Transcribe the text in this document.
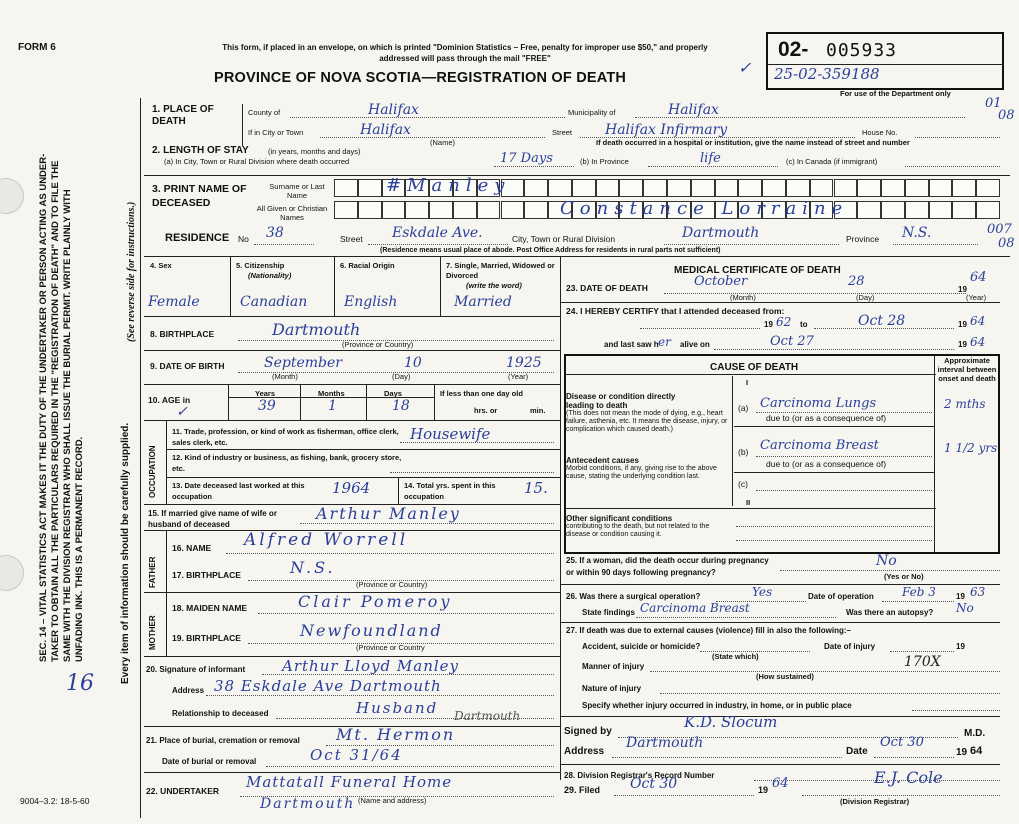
FORM 6	This form, if placed in an envelope, on which is printed "Dominion Statistics – Free, penalty for improper use $50," and properly addressed will pass through the mail "FREE"
PROVINCE OF NOVA SCOTIA—REGISTRATION OF DEATH
02- 005933
25-02-359188
For use of the Department only
01
08
007
08
✓
SEC. 14 – VITAL STATISTICS ACT MAKES IT THE DUTY OF THE UNDERTAKER OR PERSON ACTING AS UNDER-TAKER TO OBTAIN ALL THE PARTICULARS REQUIRED IN THE "REGISTRATION OF DEATH" AND TO FILE THE SAME WITH THE DIVISION REGISTRAR WHO SHALL ISSUE THE BURIAL PERMIT. WRITE PLAINLY WITH UNFADING INK. THIS IS A PERMANENT RECORD.	Every item of information should be carefully supplied.
(See reverse side for instructions.)
16
1. PLACE OF DEATH
County of	Halifax	Municipality of	Halifax
If in City or Town	Halifax
(Name)
Street Halifax Infirmary	House No.
If death occurred in a hospital or institution, give the name instead of street and number
2. LENGTH OF STAY	(in years, months and days)
(a) In City, Town or Rural Division where death occurred	17 Days	(b) In Province	life	(c) In Canada (if immigrant)
3. PRINT NAME OF DECEASED
Surname or Last Name
All Given or Christian Names
#Manley
Constance Lorraine
RESIDENCE No 38	Street Eskdale Ave.	City, Town or Rural Division	Dartmouth	Province N.S.
(Residence means usual place of abode. Post Office Address for residents in rural parts not sufficient)
4. Sex	5. Citizenship
(Nationality)
6. Racial Origin	7. Single, Married, Widowed or Divorced
(write the word)
Female	Canadian	English	Married
8. BIRTHPLACE	Dartmouth
(Province or Country)
9. DATE OF BIRTH	September	10	1925
(Month)	(Day)	(Year)
10. AGE in
✓
Years	Months	Days
39	1	18
If less than one day old
hrs. or	min.
OCCUPATION
11. Trade, profession, or kind of work as fisherman, office clerk, sales clerk, etc.	Housewife
12. Kind of industry or business, as fishing, bank, grocery store, etc.
13. Date deceased last worked at this occupation	1964	14. Total yrs. spent in this occupation	15.
15. If married give name of wife or husband of deceased
Arthur Manley
FATHER
16. NAME Alfred Worrell
17. BIRTHPLACE	N.S.
(Province or Country)
MOTHER
18. MAIDEN NAME	Clair Pomeroy
19. BIRTHPLACE	Newfoundland
(Province or Country
20. Signature of informant Arthur Lloyd Manley
Address 38 Eskdale Ave Dartmouth
Relationship to deceased	Husband Dartmouth
21. Place of burial, cremation or removal Mt. Hermon
Date of burial or removal	Oct 31/64
22. UNDERTAKER Mattatall Funeral Home
Dartmouth (Name and address)
9004–3.2: 18-5-60
MEDICAL CERTIFICATE OF DEATH
23. DATE OF DEATH	October	28
19
64
(Month)	(Day)	(Year)
24. I HEREBY CERTIFY that I attended deceased from:
19 62 to	Oct 28	19 64
and last saw h er alive on	Oct 27	19 64
CAUSE OF DEATH
Approximate interval between onset and death
I
Disease or condition directly leading to death
(This does not mean the mode of dying, e.g., heart failure, asthenia, etc. It means the disease, injury, or complication which caused death.)
(a) Carcinoma Lungs	2 mths
due to (or as a consequence of)
Antecedent causes
Morbid conditions, if any, giving rise to the above cause, stating the underlying condition last.
(b) Carcinoma Breast	1 1/2 yrs
due to (or as a consequence of)
(c)
II
Other significant conditions
contributing to the death, but not related to the disease or condition causing it.
25. If a woman, did the death occur during pregnancy or within 90 days following pregnancy?
No
(Yes or No)
26. Was there a surgical operation?	Yes	Date of operation Feb 3	19 63
State findings Carcinoma Breast	Was there an autopsy? No
27. If death was due to external causes (violence) fill in also the following:–
Accident, suicide or homicide?	Date of injury	19
(State which)
Manner of injury	170X
(How sustained)
Nature of injury
Specify whether injury occurred in industry, in home, or in public place
Signed by
K.D. Slocum
M.D.
Address
Dartmouth
Date
Oct 30
19 64
28. Division Registrar's Record Number
29. Filed Oct 30	19 64	E.J. Cole
(Division Registrar)
